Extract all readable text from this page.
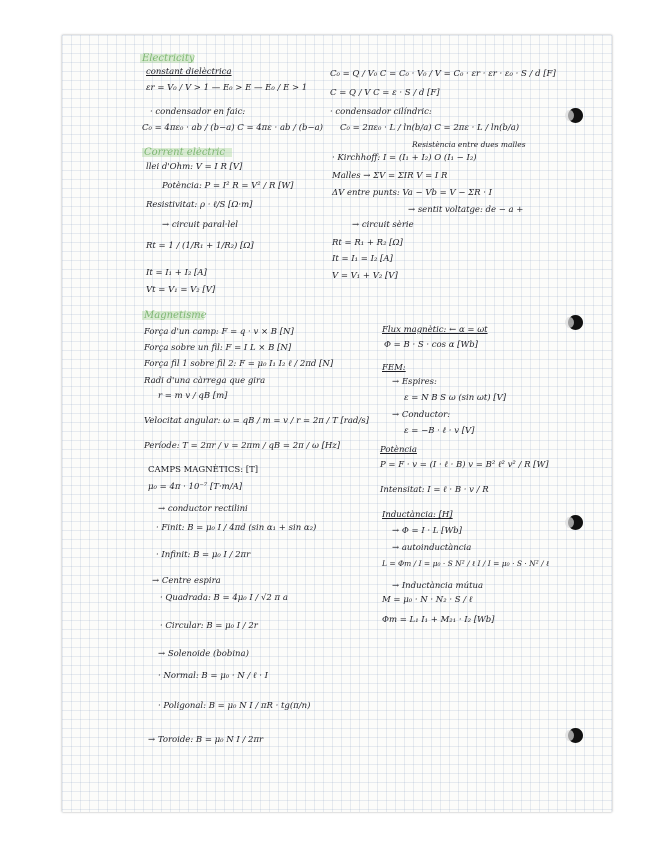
Electricity
constant dielèctrica
εr = V₀ / V > 1 — E₀ > E — E₀ / E > 1
· condensador en faic:
C₀ = 4πε₀ · ab / (b−a) C = 4πε · ab / (b−a)
C₀ = Q / V₀ C = C₀ · V₀ / V = C₀ · εr · εr · ε₀ · S / d [F]
C = Q / V C = ε · S / d [F]
· condensador cilíndric:
C₀ = 2πε₀ · L / ln(b/a) C = 2πε · L / ln(b/a)
Corrent elèctric
llei d'Ohm: V = I R [V]
Potència: P = I² R = V² / R [W]
Resistivitat: ρ · ℓ/S [Ω·m]
Resistència entre dues malles
· Kirchhoff: I = (I₁ + I₂) O (I₁ − I₂)
Malles → ΣV = ΣIR V = I R
ΔV entre punts: Va − Vb = V − ΣR · I
→ sentit voltatge: de − a +
→ circuit paral·lel
Rt = 1 / (1/R₁ + 1/R₂) [Ω]
It = I₁ + I₂ [A]
Vt = V₁ = V₂ [V]
→ circuit sèrie
Rt = R₁ + R₂ [Ω]
It = I₁ = I₂ [A]
V = V₁ + V₂ [V]
Magnetisme
Força d'un camp: F = q · v × B [N]
Força sobre un fil: F = I L × B [N]
Força fil 1 sobre fil 2: F = μ₀ I₁ I₂ ℓ / 2πd [N]
Radi d'una càrrega que gira
r = m v / qB [m]
Velocitat angular: ω = qB / m = v / r = 2π / T [rad/s]
Període: T = 2πr / v = 2πm / qB = 2π / ω [Hz]
CAMPS MAGNÈTICS: [T]
μ₀ = 4π · 10⁻⁷ [T·m/A]
→ conductor rectilini
· Finit: B = μ₀ I / 4πd (sin α₁ + sin α₂)
· Infinit: B = μ₀ I / 2πr
→ Centre espira
· Quadrada: B = 4μ₀ I / √2 π a
· Circular: B = μ₀ I / 2r
→ Solenoide (bobina)
· Normal: B = μ₀ · N / ℓ · I
· Poligonal: B = μ₀ N I / πR · tg(π/n)
→ Toroide: B = μ₀ N I / 2πr
Flux magnètic: ← α = ωt
Φ = B · S · cos α [Wb]
FEM:
→ Espires:
ε = N B S ω (sin ωt) [V]
→ Conductor:
ε = −B · ℓ · v [V]
Potència
P = F · v = (I · ℓ · B) v = B² ℓ² v² / R [W]
Intensitat: I = ℓ · B · v / R
Inductància: [H]
→ Φ = I · L [Wb]
→ autoinductància
L = Φm / I = μ₀ · S N² / ℓ I / I = μ₀ · S · N² / ℓ
→ Inductància mútua
M = μ₀ · N · N₂ · S / ℓ
Φm = L₁ I₁ + M₂₁ · I₂ [Wb]
